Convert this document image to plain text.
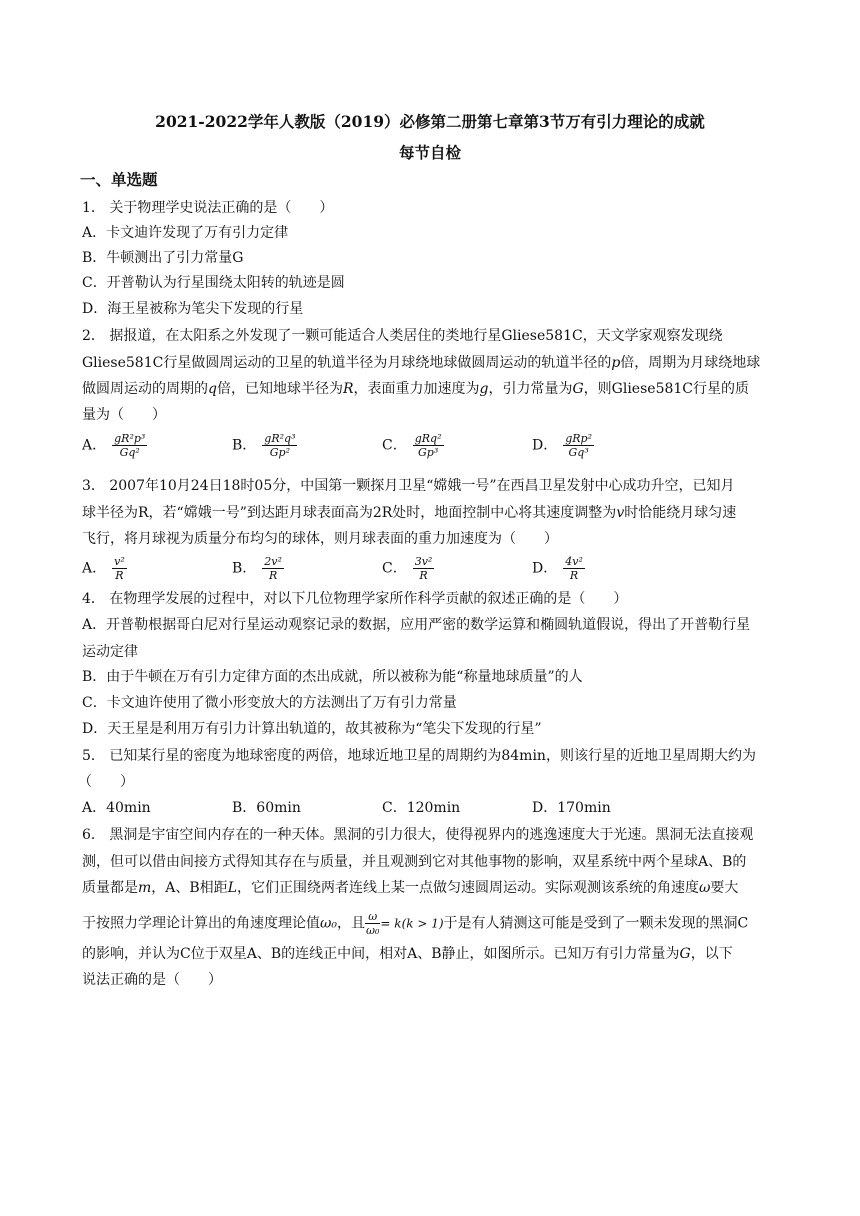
2021-2022学年人教版（2019）必修第二册第七章第3节万有引力理论的成就
每节自检
一、单选题
1． 关于物理学史说法正确的是（　　）
A．卡文迪许发现了万有引力定律
B．牛顿测出了引力常量G
C．开普勒认为行星围绕太阳转的轨迹是圆
D．海王星被称为笔尖下发现的行星
2． 据报道，在太阳系之外发现了一颗可能适合人类居住的类地行星Gliese581C，天文学家观察发现绕
Gliese581C行星做圆周运动的卫星的轨道半径为月球绕地球做圆周运动的轨道半径的p倍，周期为月球绕地球
做圆周运动的周期的q倍，已知地球半径为R，表面重力加速度为g，引力常量为G，则Gliese581C行星的质
量为（　　）
A． $\frac{\text{gR²p³}}{\text{Gq²}}$	B． $\frac{\text{gR²q³}}{\text{Gp²}}$	C． $\frac{\text{gRq²}}{\text{Gp³}}$	D． $\frac{\text{gRp²}}{\text{Gq³}}$
3． 2007年10月24日18时05分，中国第一颗探月卫星“嫦娥一号”在西昌卫星发射中心成功升空，已知月
球半径为R，若“嫦娥一号”到达距月球表面高为2R处时，地面控制中心将其速度调整为v时恰能绕月球匀速
飞行，将月球视为质量分布均匀的球体，则月球表面的重力加速度为（　　）
A． $\frac{\text{v²}}{R}$	B． $\frac{\text{2v²}}{R}$	C． $\frac{\text{3v²}}{R}$	D． $\frac{\text{4v²}}{R}$
4． 在物理学发展的过程中，对以下几位物理学家所作科学贡献的叙述正确的是（　　）
A．开普勒根据哥白尼对行星运动观察记录的数据，应用严密的数学运算和椭圆轨道假说，得出了开普勒行星
运动定律
B．由于牛顿在万有引力定律方面的杰出成就，所以被称为能“称量地球质量”的人
C．卡文迪许使用了微小形变放大的方法测出了万有引力常量
D．天王星是利用万有引力计算出轨道的，故其被称为“笔尖下发现的行星”
5． 已知某行星的密度为地球密度的两倍，地球近地卫星的周期约为84min，则该行星的近地卫星周期大约为
（　　）
A．40min	B．60min	C．120min	D．170min
6． 黑洞是宇宙空间内存在的一种天体。黑洞的引力很大，使得视界内的逃逸速度大于光速。黑洞无法直接观
测，但可以借由间接方式得知其存在与质量，并且观测到它对其他事物的影响，双星系统中两个星球A、B的
质量都是m，A、B相距L，它们正围绕两者连线上某一点做匀速圆周运动。实际观测该系统的角速度ω要大
于按照力学理论计算出的角速度理论值ω₀，且 $\frac{\omega}{\text{ω₀}} = k(k > 1)$于是有人猜测这可能是受到了一颗未发现的黑洞C
的影响，并认为C位于双星A、B的连线正中间，相对A、B静止，如图所示。已知万有引力常量为G，以下
说法正确的是（　　）
